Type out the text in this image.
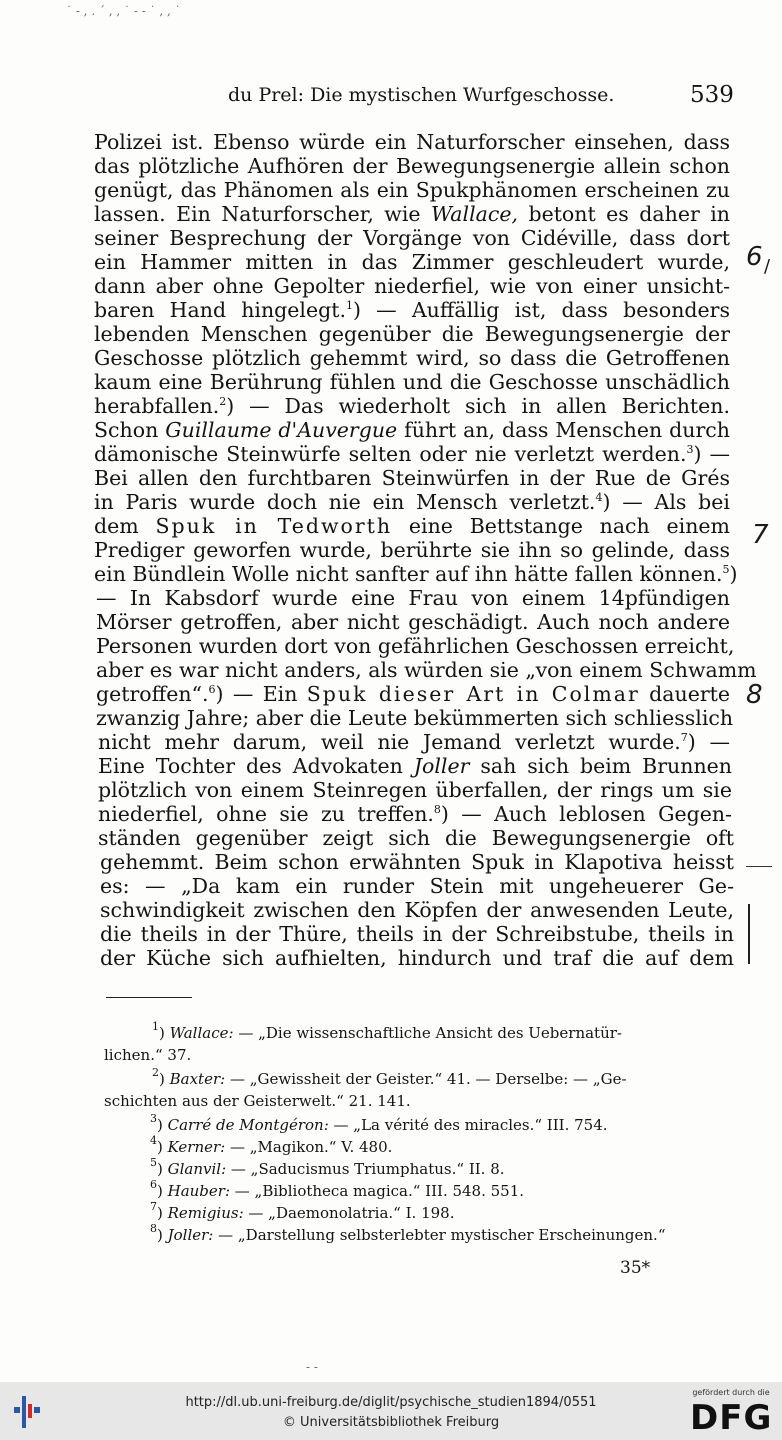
˙ - , . ´ , , ˙ - - ˙ , , ˙
du Prel: Die mystischen Wurfgeschosse.	539
Polizei ist. Ebenso würde ein Naturforscher einsehen, dass
das plötzliche Aufhören der Bewegungsenergie allein schon
genügt, das Phänomen als ein Spukphänomen erscheinen zu
lassen. Ein Naturforscher, wie Wallace, betont es daher in
seiner Besprechung der Vorgänge von Cidéville, dass dort
ein Hammer mitten in das Zimmer geschleudert wurde,
dann aber ohne Gepolter niederfiel, wie von einer unsicht-
baren Hand hingelegt.$^1$) — Auffällig ist, dass besonders
lebenden Menschen gegenüber die Bewegungsenergie der
Geschosse plötzlich gehemmt wird, so dass die Getroffenen
kaum eine Berührung fühlen und die Geschosse unschädlich
herabfallen.$^2$) — Das wiederholt sich in allen Berichten.
Schon Guillaume d'Auvergue führt an, dass Menschen durch
dämonische Steinwürfe selten oder nie verletzt werden.$^3$) —
Bei allen den furchtbaren Steinwürfen in der Rue de Grés
in Paris wurde doch nie ein Mensch verletzt.$^4$) — Als bei
dem Spuk in Tedworth eine Bettstange nach einem
Prediger geworfen wurde, berührte sie ihn so gelinde, dass
ein Bündlein Wolle nicht sanfter auf ihn hätte fallen können.$^5$)
— In Kabsdorf wurde eine Frau von einem 14pfündigen
Mörser getroffen, aber nicht geschädigt. Auch noch andere
Personen wurden dort von gefährlichen Geschossen erreicht,
aber es war nicht anders, als würden sie „von einem Schwamm
getroffen“.$^6$) — Ein Spuk dieser Art in Colmar dauerte
zwanzig Jahre; aber die Leute bekümmerten sich schliesslich
nicht mehr darum, weil nie Jemand verletzt wurde.$^7$) —
Eine Tochter des Advokaten Joller sah sich beim Brunnen
plötzlich von einem Steinregen überfallen, der rings um sie
niederfiel, ohne sie zu treffen.$^8$) — Auch leblosen Gegen-
ständen gegenüber zeigt sich die Bewegungsenergie oft
gehemmt. Beim schon erwähnten Spuk in Klapotiva heisst
es: — „Da kam ein runder Stein mit ungeheuerer Ge-
schwindigkeit zwischen den Köpfen der anwesenden Leute,
die theils in der Thüre, theils in der Schreibstube, theils in
der Küche sich aufhielten, hindurch und traf die auf dem
6 /
7
8
$^1$) Wallace: — „Die wissenschaftliche Ansicht des Uebernatür-
lichen.“ 37.
$^2$) Baxter: — „Gewissheit der Geister.“ 41. — Derselbe: — „Ge-
schichten aus der Geisterwelt.“ 21. 141.
$^3$) Carré de Montgéron: — „La vérité des miracles.“ III. 754.
$^4$) Kerner: — „Magikon.“ V. 480.
$^5$) Glanvil: — „Saducismus Triumphatus.“ II. 8.
$^6$) Hauber: — „Bibliotheca magica.“ III. 548. 551.
$^7$) Remigius: — „Daemonolatria.“ I. 198.
$^8$) Joller: — „Darstellung selbsterlebter mystischer Erscheinungen.“
35*
- -
http://dl.ub.uni-freiburg.de/diglit/psychische_studien1894/0551
© Universitätsbibliothek Freiburg
gefördert durch die
DFG
